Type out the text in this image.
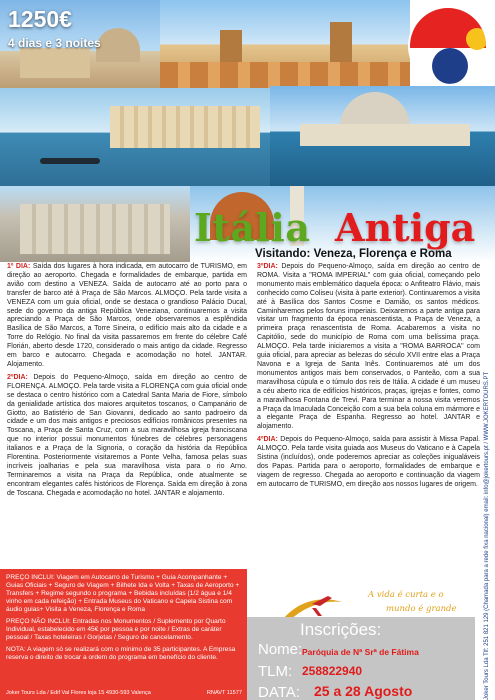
1250€
4 dias e 3 noites
Itália Antiga
Visitando: Veneza, Florença e Roma

1º DIA: Saída dos lugares à hora indicada, em autocarro de TURISMO, em direção ao aeroporto. Chegada e formalidades de embarque, partida em avião com destino a VENEZA. Saída de autocarro até ao porto para o transfer de barco até à Praça de São Marcos. ALMOÇO. Pela tarde visita a VENEZA com um guia oficial, onde se destaca o grandioso Palácio Ducal, sede do governo da antiga República Veneziana, continuaremos a visita apreciando a Praça de São Marcos, onde observaremos a esplêndida Basílica de São Marcos, a Torre Sineira, o edifício mais alto da cidade e a Torre do Relógio. No final da visita passaremos em frente do célebre Café Florián, aberto desde 1720, considerado o mais antigo da cidade. Regresso em barco e autocarro. Chegada e acomodação no hotel. JANTAR. Alojamento.

2ºDIA: Depois do Pequeno-Almoço, saída em direção ao centro de FLORENÇA. ALMOÇO. Pela tarde visita a FLORENÇA com guia oficial onde se destaca o centro histórico com a Catedral Santa Maria de Fiore, símbolo da genialidade artística dos maiores arquitetos toscanos, o Campanário de Giotto, ao Batistério de San Giovanni, dedicado ao santo padroeiro da cidade e um dos mais antigos e preciosos edifícios românicos presentes na Toscana, a Praça de Santa Cruz, com a sua maravilhosa igreja franciscana que no interior possui monumentos fúnebres de célebres personagens italianos e a Praça de la Signoria, o coração da história da República Florentina. Posteriormente visitaremos a Ponte Velha, famosa pelas suas incríveis joalharias e pela sua maravilhosa vista para o rio Arno. Terminaremos a visita na Praça da República, onde atualmente se encontram elegantes cafés históricos de Florença. Saída em direção à zona de Toscana. Chegada e acomodação no hotel. JANTAR e alojamento.

3ºDIA: Depois do Pequeno-Almoço, saída em direção ao centro de ROMA. Visita a "ROMA IMPERIAL" com guia oficial, começando pelo monumento mais emblemático daquela época: o Anfiteatro Flávio, mais conhecido como Coliseu (visita à parte exterior). Continuaremos a visita até à Basílica dos Santos Cosme e Damião, os santos médicos. Caminharemos pelos foruns imperiais. Deixaremos a parte antiga para visitar um fragmento da época renascentista, a Praça de Veneza, a primeira praça renascentista de Roma. Acabaremos a visita no Capitólio, sede do município de Roma com uma belíssima praça. ALMOÇO. Pela tarde iniciaremos a visita a "ROMA BARROCA" com guia oficial, para apreciar as belezas do século XVII entre elas a Praça Navona e a Igreja de Santa Inês. Continuaremos até um dos monumentos antigos mais bem conservados, o Panteão, com a sua maravilhosa cúpula e o túmulo dos reis de Itália. A cidade é um museu a céu aberto rica de edifícios históricos, praças, igrejas e fontes, como a maravilhosa Fontana de Trevi. Para terminar a nossa visita veremos a Praça da Imaculada Conceição com a sua bela coluna em mármore e a elegante Praça de Espanha. Regresso ao hotel. JANTAR e alojamento.

4ºDIA: Depois do Pequeno-Almoço, saída para assistir à Missa Papal. ALMOÇO. Pela tarde visita guiada aos Museus do Vaticano e à Capela Sistina (incluídos), onde poderemos apreciar as coleções inigualáveis dos Papas. Partida para o aeroporto, formalidades de embarque e viagem de regresso. Chegada ao aeroporto e continuação da viagem em autocarro de TURISMO, em direção aos nossos lugares de origem.

PREÇO INCLUI: Viagem em Autocarro de Turismo + Guia Acompanhante + Guias Oficiais + Seguro de Viagem + Bilhete Ida e Volta + Taxas de Aeroporto + Transfers + Regime segundo o programa + Bebidas incluídas (1/2 água e 1/4 vinho em cada refeição) + Entrada Museus do Vaticano e Capela Sistina com áudio guias+ Visita a Veneza, Florença e Roma

PREÇO NÃO INCLUI: Entradas nos Monumentos / Suplemento por Quarto Individual, estabelecido em 45€ por pessoa e por noite / Extras de caráter pessoal / Taxas hoteleiras / Gorjetas / Seguro de cancelamento.

NOTA: A viagem só se realizará com o mínimo de 35 participantes. A Empresa reserva o direito de trocar a ordem do programa em benefício do cliente.

Joker Tours Lda / Edif Val Flores loja 15 4930-593 Valença	RNAVT 11577
A vida é curta e o
mundo é grande
Inscrições:
Nome: Paróquia de Nª Srª de Fátima
TLM: 258822940
DATA: 25 a 28 Agosto	Joker Tours Lda Tlf: 251 821 129 (Chamada para a rede fixa nacional) email: info@jokertours.pt / WWW.JOKERTOURS.PT
